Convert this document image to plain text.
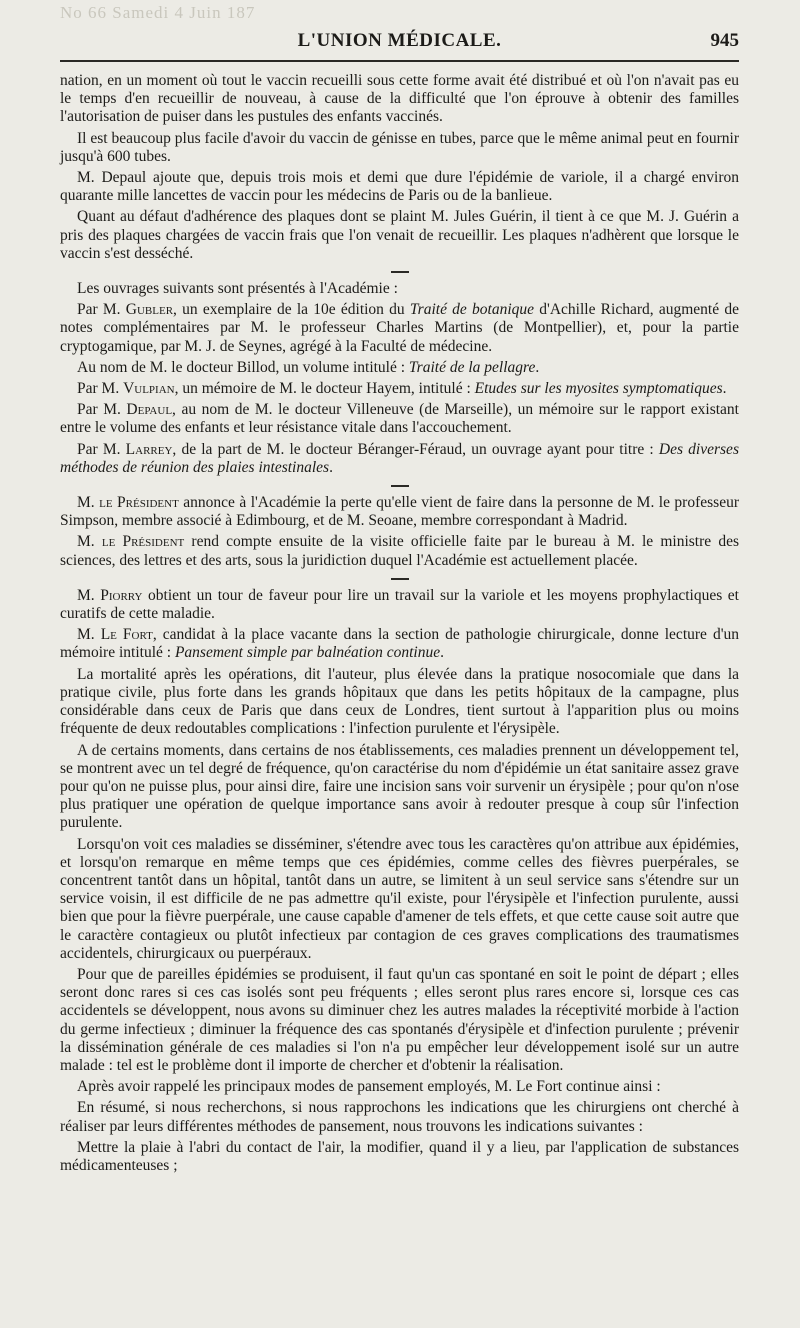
No 66 Samedi 4 Juin 187
L'UNION MÉDICALE.	945

nation, en un moment où tout le vaccin recueilli sous cette forme avait été distribué et où l'on n'avait pas eu le temps d'en recueillir de nouveau, à cause de la difficulté que l'on éprouve à obtenir des familles l'autorisation de puiser dans les pustules des enfants vaccinés.

Il est beaucoup plus facile d'avoir du vaccin de génisse en tubes, parce que le même animal peut en fournir jusqu'à 600 tubes.

M. Depaul ajoute que, depuis trois mois et demi que dure l'épidémie de variole, il a chargé environ quarante mille lancettes de vaccin pour les médecins de Paris ou de la banlieue.

Quant au défaut d'adhérence des plaques dont se plaint M. Jules Guérin, il tient à ce que M. J. Guérin a pris des plaques chargées de vaccin frais que l'on venait de recueillir. Les plaques n'adhèrent que lorsque le vaccin s'est desséché.

Les ouvrages suivants sont présentés à l'Académie :

Par M. Gubler, un exemplaire de la 10e édition du Traité de botanique d'Achille Richard, augmenté de notes complémentaires par M. le professeur Charles Martins (de Montpellier), et, pour la partie cryptogamique, par M. J. de Seynes, agrégé à la Faculté de médecine.

Au nom de M. le docteur Billod, un volume intitulé : Traité de la pellagre.

Par M. Vulpian, un mémoire de M. le docteur Hayem, intitulé : Etudes sur les myosites symptomatiques.

Par M. Depaul, au nom de M. le docteur Villeneuve (de Marseille), un mémoire sur le rapport existant entre le volume des enfants et leur résistance vitale dans l'accouchement.

Par M. Larrey, de la part de M. le docteur Béranger-Féraud, un ouvrage ayant pour titre : Des diverses méthodes de réunion des plaies intestinales.

M. le Président annonce à l'Académie la perte qu'elle vient de faire dans la personne de M. le professeur Simpson, membre associé à Edimbourg, et de M. Seoane, membre correspondant à Madrid.

M. le Président rend compte ensuite de la visite officielle faite par le bureau à M. le ministre des sciences, des lettres et des arts, sous la juridiction duquel l'Académie est actuellement placée.

M. Piorry obtient un tour de faveur pour lire un travail sur la variole et les moyens prophylactiques et curatifs de cette maladie.

M. Le Fort, candidat à la place vacante dans la section de pathologie chirurgicale, donne lecture d'un mémoire intitulé : Pansement simple par balnéation continue.

La mortalité après les opérations, dit l'auteur, plus élevée dans la pratique nosocomiale que dans la pratique civile, plus forte dans les grands hôpitaux que dans les petits hôpitaux de la campagne, plus considérable dans ceux de Paris que dans ceux de Londres, tient surtout à l'apparition plus ou moins fréquente de deux redoutables complications : l'infection purulente et l'érysipèle.

A de certains moments, dans certains de nos établissements, ces maladies prennent un développement tel, se montrent avec un tel degré de fréquence, qu'on caractérise du nom d'épidémie un état sanitaire assez grave pour qu'on ne puisse plus, pour ainsi dire, faire une incision sans voir survenir un érysipèle ; pour qu'on n'ose plus pratiquer une opération de quelque importance sans avoir à redouter presque à coup sûr l'infection purulente.

Lorsqu'on voit ces maladies se disséminer, s'étendre avec tous les caractères qu'on attribue aux épidémies, et lorsqu'on remarque en même temps que ces épidémies, comme celles des fièvres puerpérales, se concentrent tantôt dans un hôpital, tantôt dans un autre, se limitent à un seul service sans s'étendre sur un service voisin, il est difficile de ne pas admettre qu'il existe, pour l'érysipèle et l'infection purulente, aussi bien que pour la fièvre puerpérale, une cause capable d'amener de tels effets, et que cette cause soit autre que le caractère contagieux ou plutôt infectieux par contagion de ces graves complications des traumatismes accidentels, chirurgicaux ou puerpéraux.

Pour que de pareilles épidémies se produisent, il faut qu'un cas spontané en soit le point de départ ; elles seront donc rares si ces cas isolés sont peu fréquents ; elles seront plus rares encore si, lorsque ces cas accidentels se développent, nous avons su diminuer chez les autres malades la réceptivité morbide à l'action du germe infectieux ; diminuer la fréquence des cas spontanés d'érysipèle et d'infection purulente ; prévenir la dissémination générale de ces maladies si l'on n'a pu empêcher leur développement isolé sur un autre malade : tel est le problème dont il importe de chercher et d'obtenir la réalisation.

Après avoir rappelé les principaux modes de pansement employés, M. Le Fort continue ainsi :

En résumé, si nous recherchons, si nous rapprochons les indications que les chirurgiens ont cherché à réaliser par leurs différentes méthodes de pansement, nous trouvons les indications suivantes :

Mettre la plaie à l'abri du contact de l'air, la modifier, quand il y a lieu, par l'application de substances médicamenteuses ;
